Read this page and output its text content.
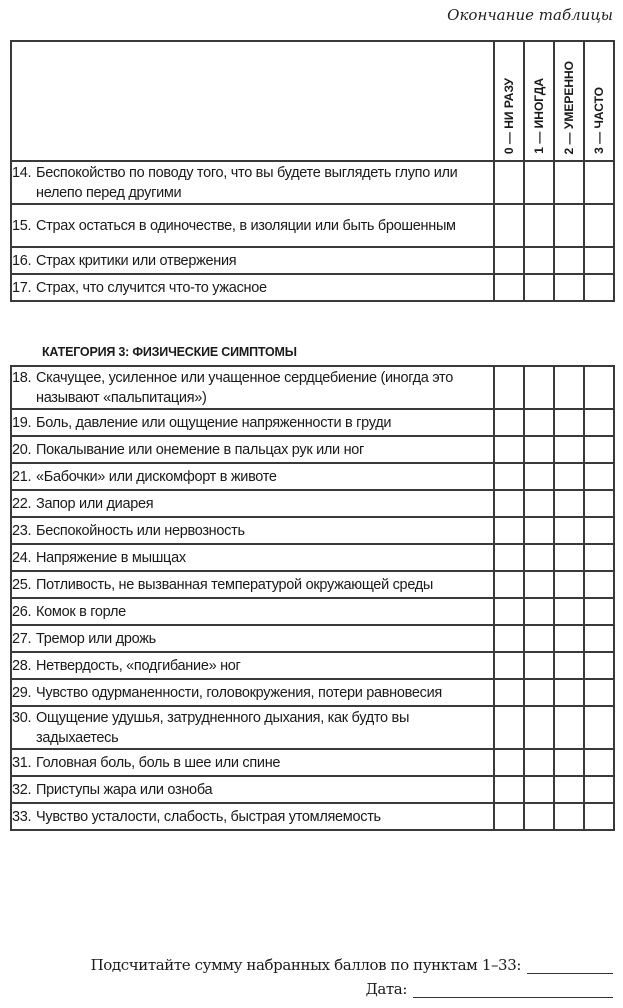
Окончание таблицы

	0 — НИ РАЗУ	1 — ИНОГДА	2 — УМЕРЕННО	3 — ЧАСТО

14. Беспокойство по поводу того, что вы будете выглядеть глупо или нелепо перед другими				
15. Страх остаться в одиночестве, в изоляции или быть брошенным				
16. Страх критики или отвержения				
17. Страх, что случится что-то ужасное				
КАТЕГОРИЯ 3: ФИЗИЧЕСКИЕ СИМПТОМЫ
18. Скачущее, усиленное или учащенное сердцебиение (иногда это называют «пальпитация»)				
19. Боль, давление или ощущение напряженности в груди				
20. Покалывание или онемение в пальцах рук или ног				
21. «Бабочки» или дискомфорт в животе				
22. Запор или диарея				
23. Беспокойность или нервозность				
24. Напряжение в мышцах				
25. Потливость, не вызванная температурой окружающей среды				
26. Комок в горле				
27. Тремор или дрожь				
28. Нетвердость, «подгибание» ног				
29. Чувство одурманенности, головокружения, потери равновесия				
30. Ощущение удушья, затрудненного дыхания, как будто вы задыхаетесь				
31. Головная боль, боль в шее или спине				
32. Приступы жара или озноба				
33. Чувство усталости, слабость, быстрая утомляемость				
Подсчитайте сумму набранных баллов по пунктам 1–33:
Дата:
